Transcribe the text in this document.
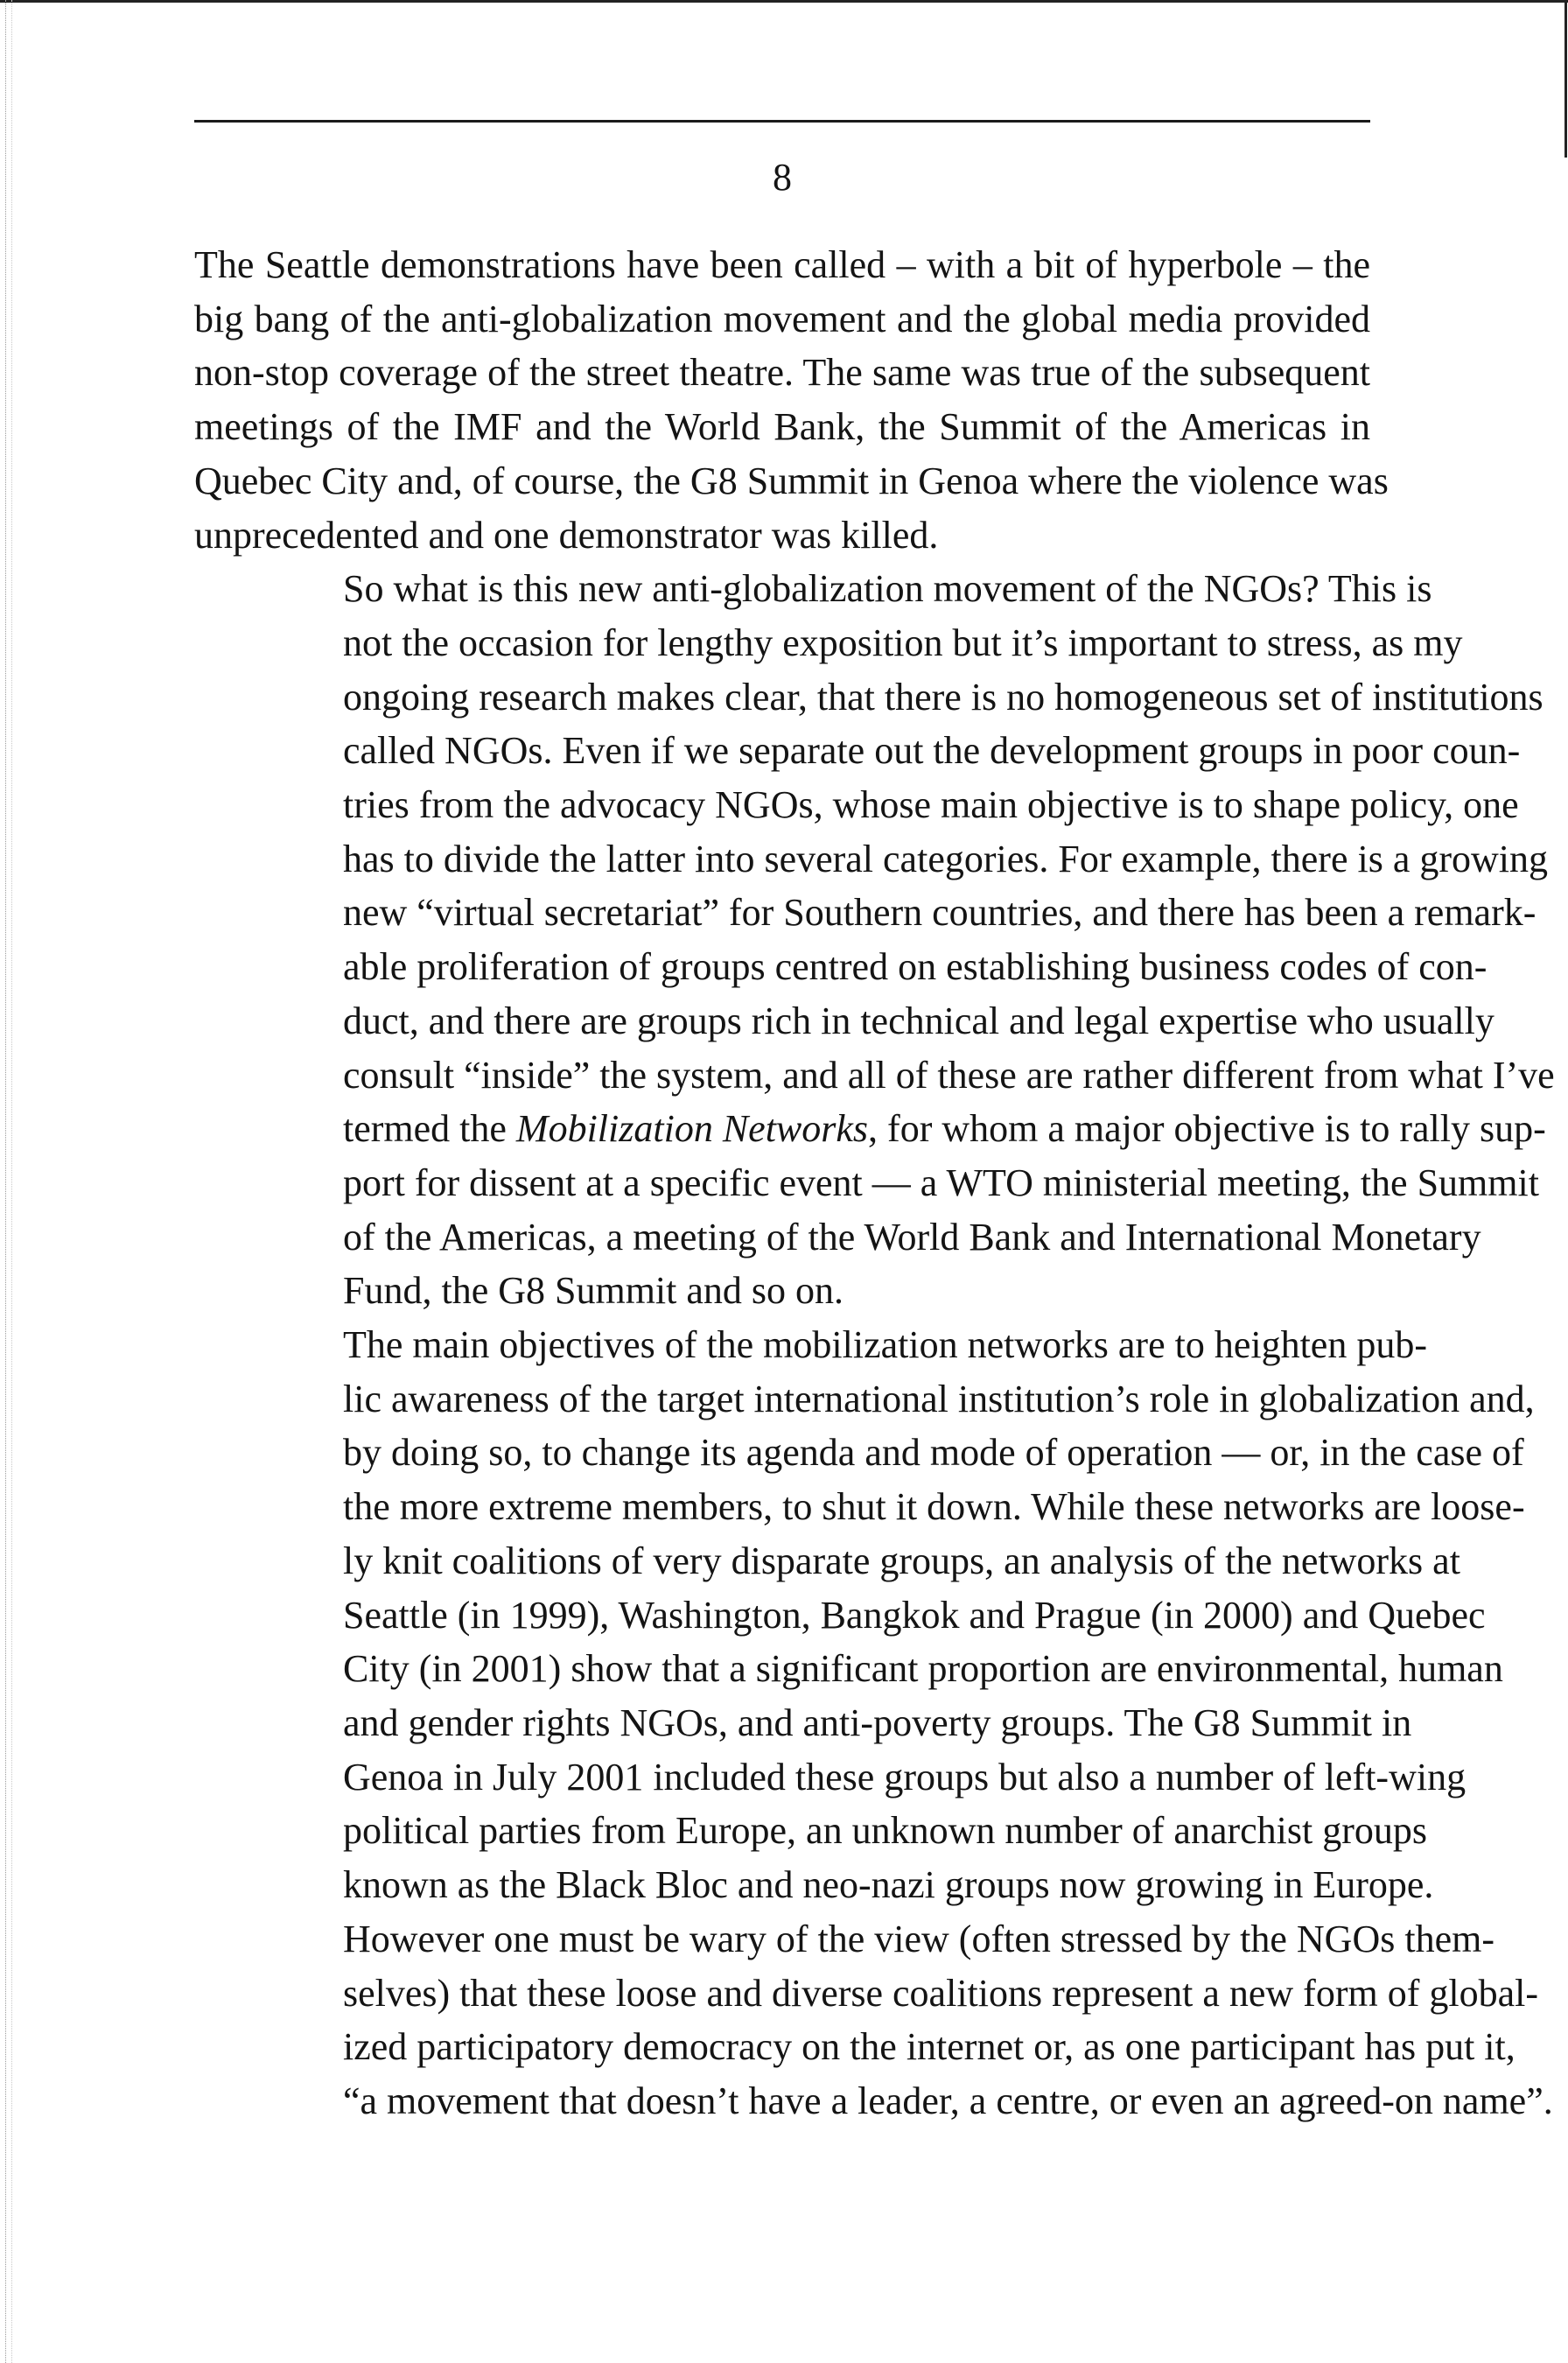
8

The Seattle demonstrations have been called – with a bit of hyperbole – the
big bang of the anti-globalization movement and the global media provided
non-stop coverage of the street theatre. The same was true of the subsequent
meetings of the IMF and the World Bank, the Summit of the Americas in
Quebec City and, of course, the G8 Summit in Genoa where the violence was
unprecedented and one demonstrator was killed.

So what is this new anti-globalization movement of the NGOs? This is
not the occasion for lengthy exposition but it’s important to stress, as my
ongoing research makes clear, that there is no homogeneous set of institutions
called NGOs. Even if we separate out the development groups in poor coun-
tries from the advocacy NGOs, whose main objective is to shape policy, one
has to divide the latter into several categories. For example, there is a growing
new “virtual secretariat” for Southern countries, and there has been a remark-
able proliferation of groups centred on establishing business codes of con-
duct, and there are groups rich in technical and legal expertise who usually
consult “inside” the system, and all of these are rather different from what I’ve
termed the Mobilization Networks, for whom a major objective is to rally sup-
port for dissent at a specific event — a WTO ministerial meeting, the Summit
of the Americas, a meeting of the World Bank and International Monetary
Fund, the G8 Summit and so on.

The main objectives of the mobilization networks are to heighten pub-
lic awareness of the target international institution’s role in globalization and,
by doing so, to change its agenda and mode of operation — or, in the case of
the more extreme members, to shut it down. While these networks are loose-
ly knit coalitions of very disparate groups, an analysis of the networks at
Seattle (in 1999), Washington, Bangkok and Prague (in 2000) and Quebec
City (in 2001) show that a significant proportion are environmental, human
and gender rights NGOs, and anti-poverty groups. The G8 Summit in
Genoa in July 2001 included these groups but also a number of left-wing
political parties from Europe, an unknown number of anarchist groups
known as the Black Bloc and neo-nazi groups now growing in Europe.
However one must be wary of the view (often stressed by the NGOs them-
selves) that these loose and diverse coalitions represent a new form of global-
ized participatory democracy on the internet or, as one participant has put it,
“a movement that doesn’t have a leader, a centre, or even an agreed-on name”.
